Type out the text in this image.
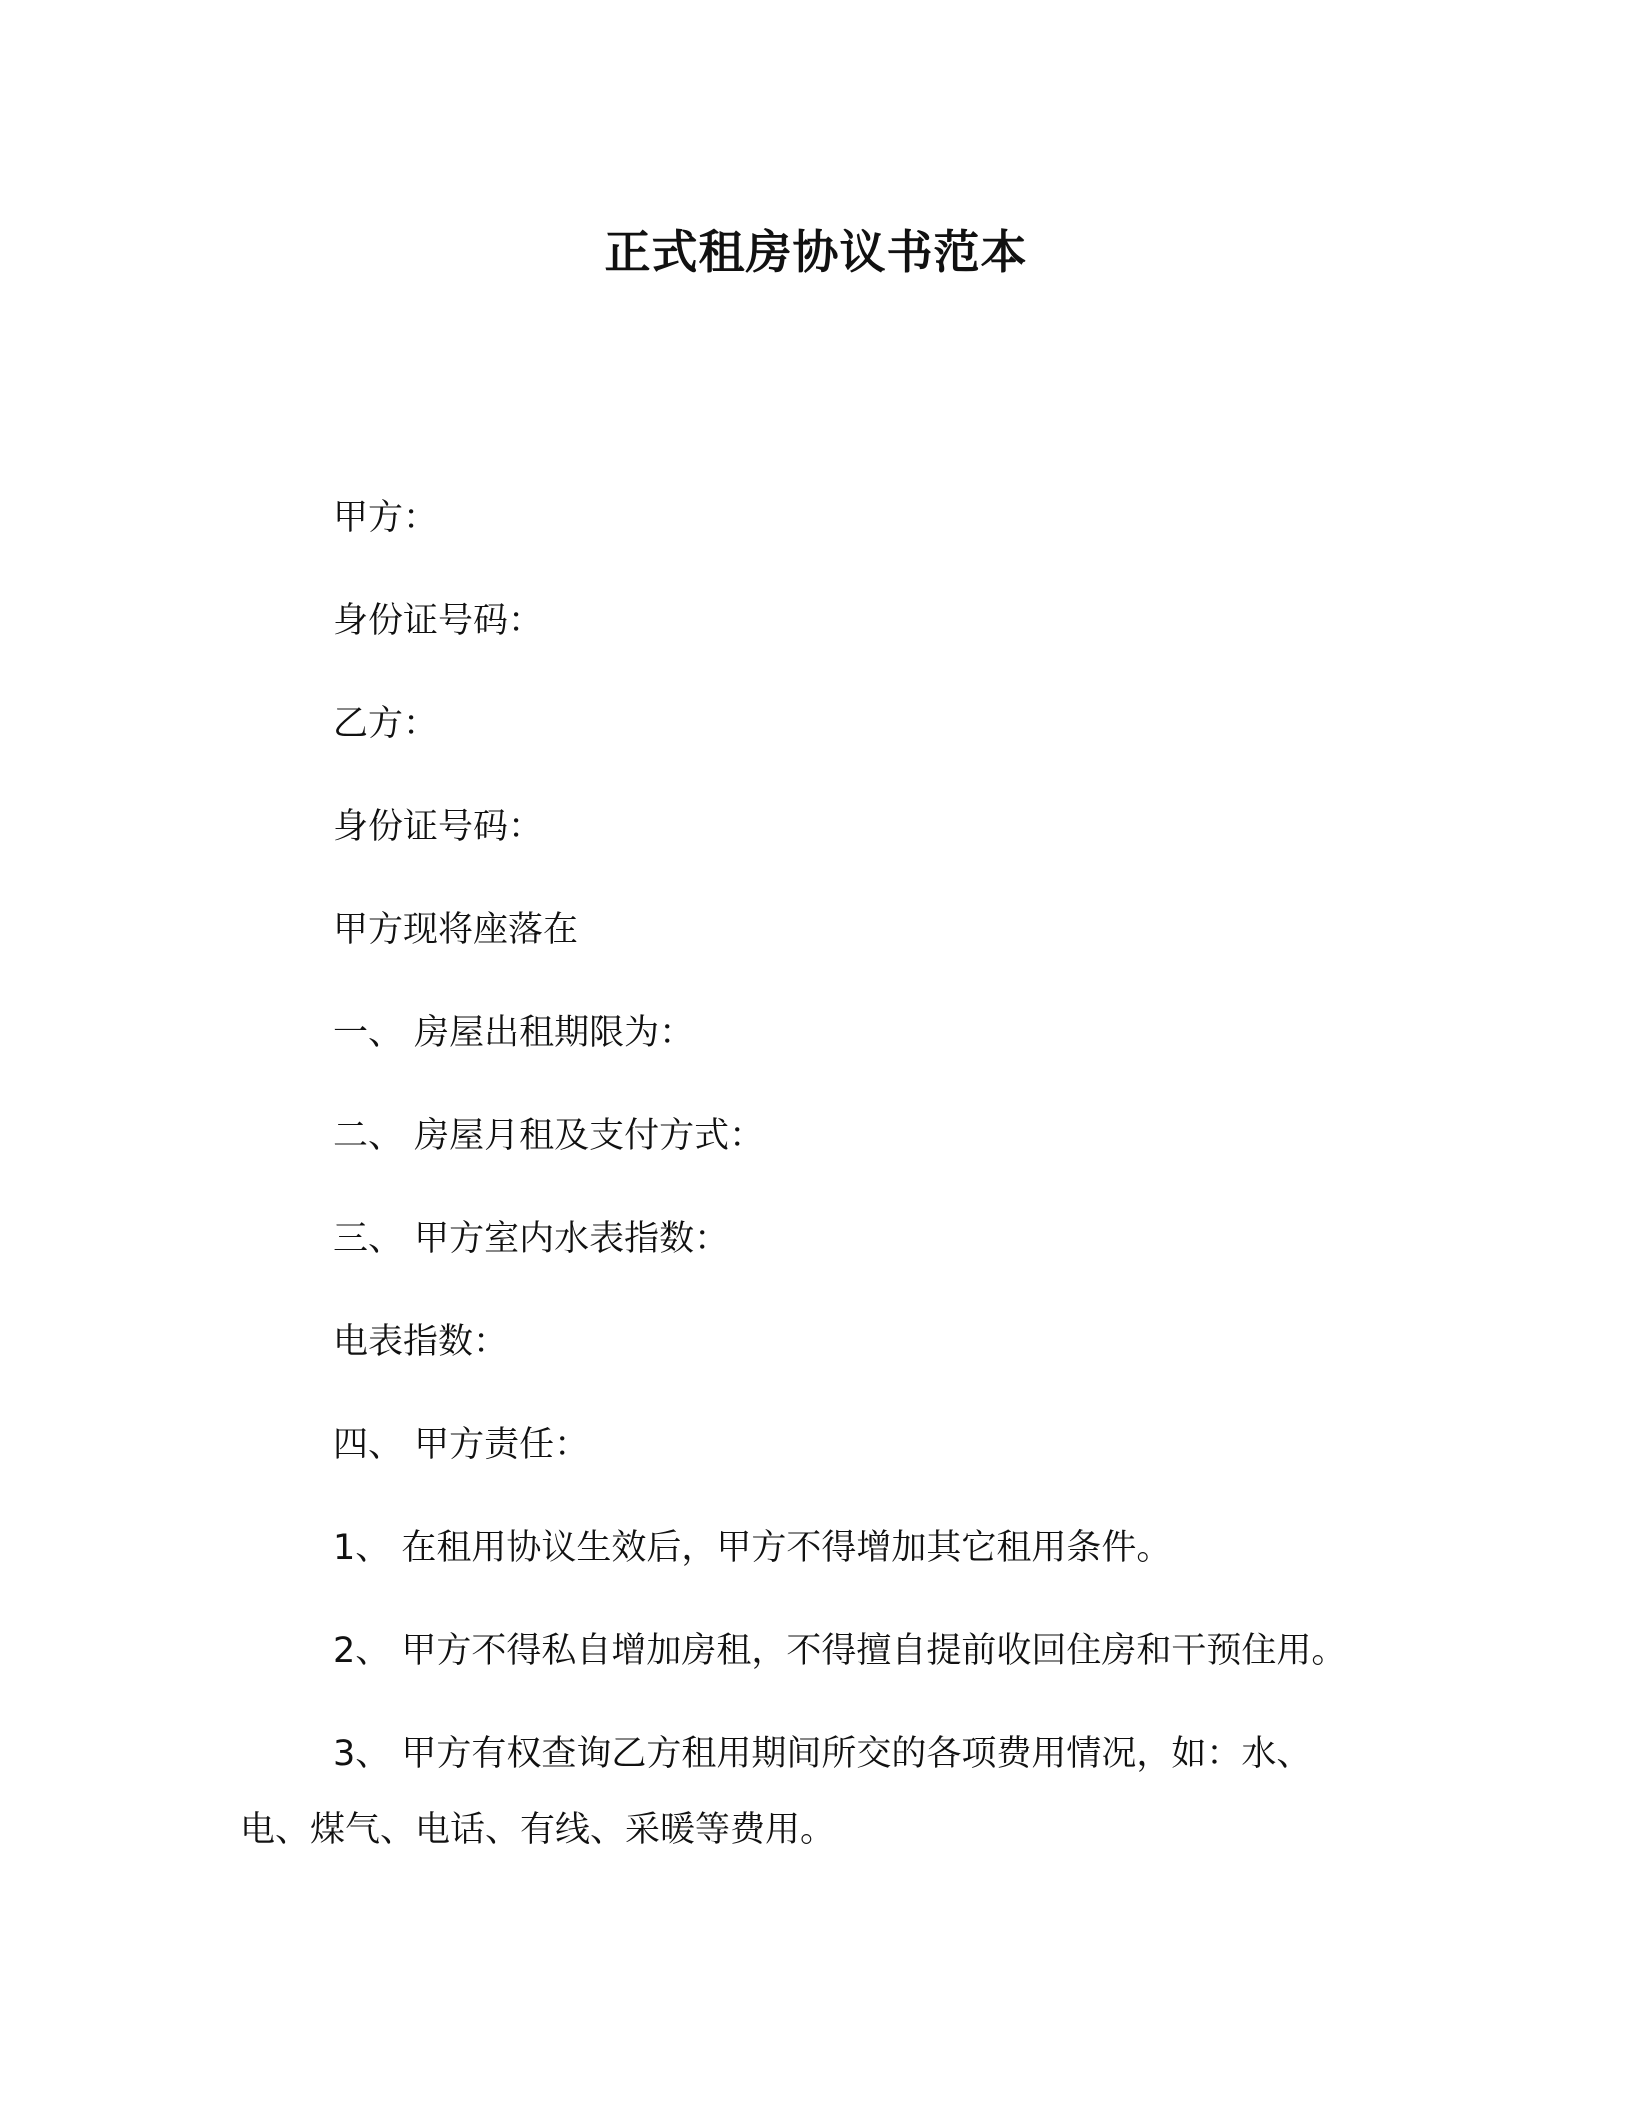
正式租房协议书范本
甲方：
身份证号码：
乙方：
身份证号码：
甲方现将座落在
一、 房屋出租期限为：
二、 房屋月租及支付方式：
三、 甲方室内水表指数：
电表指数：
四、 甲方责任：
1、 在租用协议生效后，甲方不得增加其它租用条件。
2、 甲方不得私自增加房租，不得擅自提前收回住房和干预住用。
3、 甲方有权查询乙方租用期间所交的各项费用情况，如：水、
电、煤气、电话、有线、采暖等费用。
